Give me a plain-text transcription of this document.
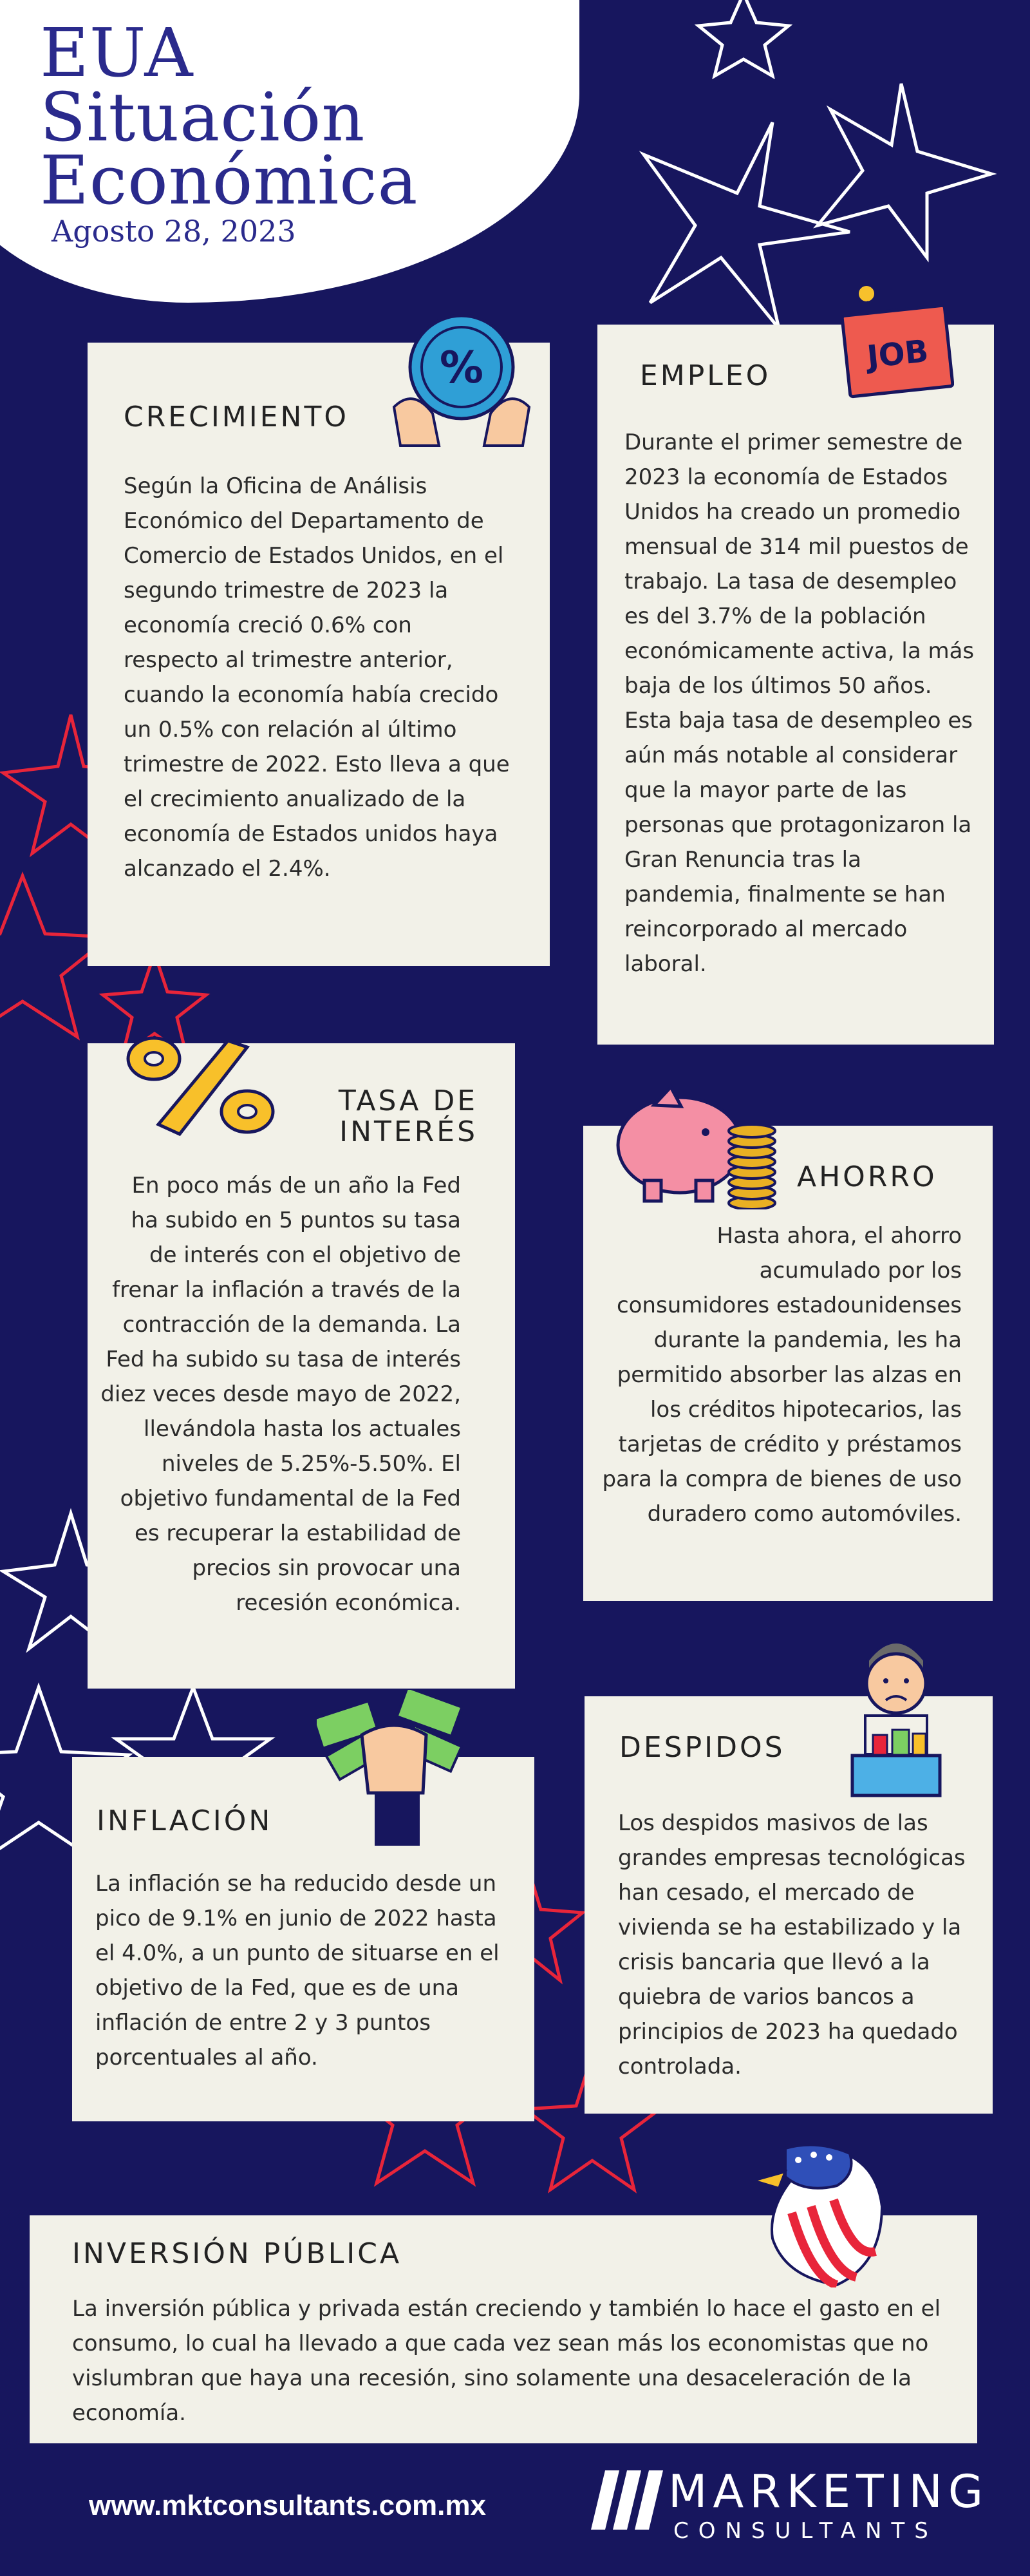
EUA
Situación
Económica
Agosto 28, 2023
CRECIMIENTO
Según la Oficina de Análisis Económico del Departamento de Comercio de Estados Unidos, en el segundo trimestre de 2023 la economía creció 0.6% con respecto al trimestre anterior, cuando la economía había crecido un 0.5% con relación al último trimestre de 2022. Esto lleva a que el crecimiento anualizado de la economía de Estados unidos haya alcanzado el 2.4%.
%	EMPLEO
Durante el primer semestre de 2023 la economía de Estados Unidos ha creado un promedio mensual de 314 mil puestos de trabajo. La tasa de desempleo es del 3.7% de la población económicamente activa, la más baja de los últimos 50 años. Esta baja tasa de desempleo es aún más notable al considerar que la mayor parte de las personas que protagonizaron la Gran Renuncia tras la pandemia, finalmente se han reincorporado al mercado laboral.
JOB
TASA DE
INTERÉS
En poco más de un año la Fed ha subido en 5 puntos su tasa de interés con el objetivo de frenar la inflación a través de la contracción de la demanda. La Fed ha subido su tasa de interés diez veces desde mayo de 2022, llevándola hasta los actuales niveles de 5.25%-5.50%. El objetivo fundamental de la Fed es recuperar la estabilidad de precios sin provocar una recesión económica.
AHORRO
Hasta ahora, el ahorro acumulado por los consumidores estadounidenses durante la pandemia, les ha permitido absorber las alzas en los créditos hipotecarios, las tarjetas de crédito y préstamos para la compra de bienes de uso duradero como automóviles.
INFLACIÓN
La inflación se ha reducido desde un pico de 9.1% en junio de 2022 hasta el 4.0%, a un punto de situarse en el objetivo de la Fed, que es de una inflación de entre 2 y 3 puntos porcentuales al año.
DESPIDOS
Los despidos masivos de las grandes empresas tecnológicas han cesado, el mercado de vivienda se ha estabilizado y la crisis bancaria que llevó a la quiebra de varios bancos a principios de 2023 ha quedado controlada.
INVERSIÓN PÚBLICA
La inversión pública y privada están creciendo y también lo hace el gasto en el consumo, lo cual ha llevado a que cada vez sean más los economistas que no vislumbran que haya una recesión, sino solamente una desaceleración de la economía.
www.mktconsultants.com.mx	MARKETING
CONSULTANTS
